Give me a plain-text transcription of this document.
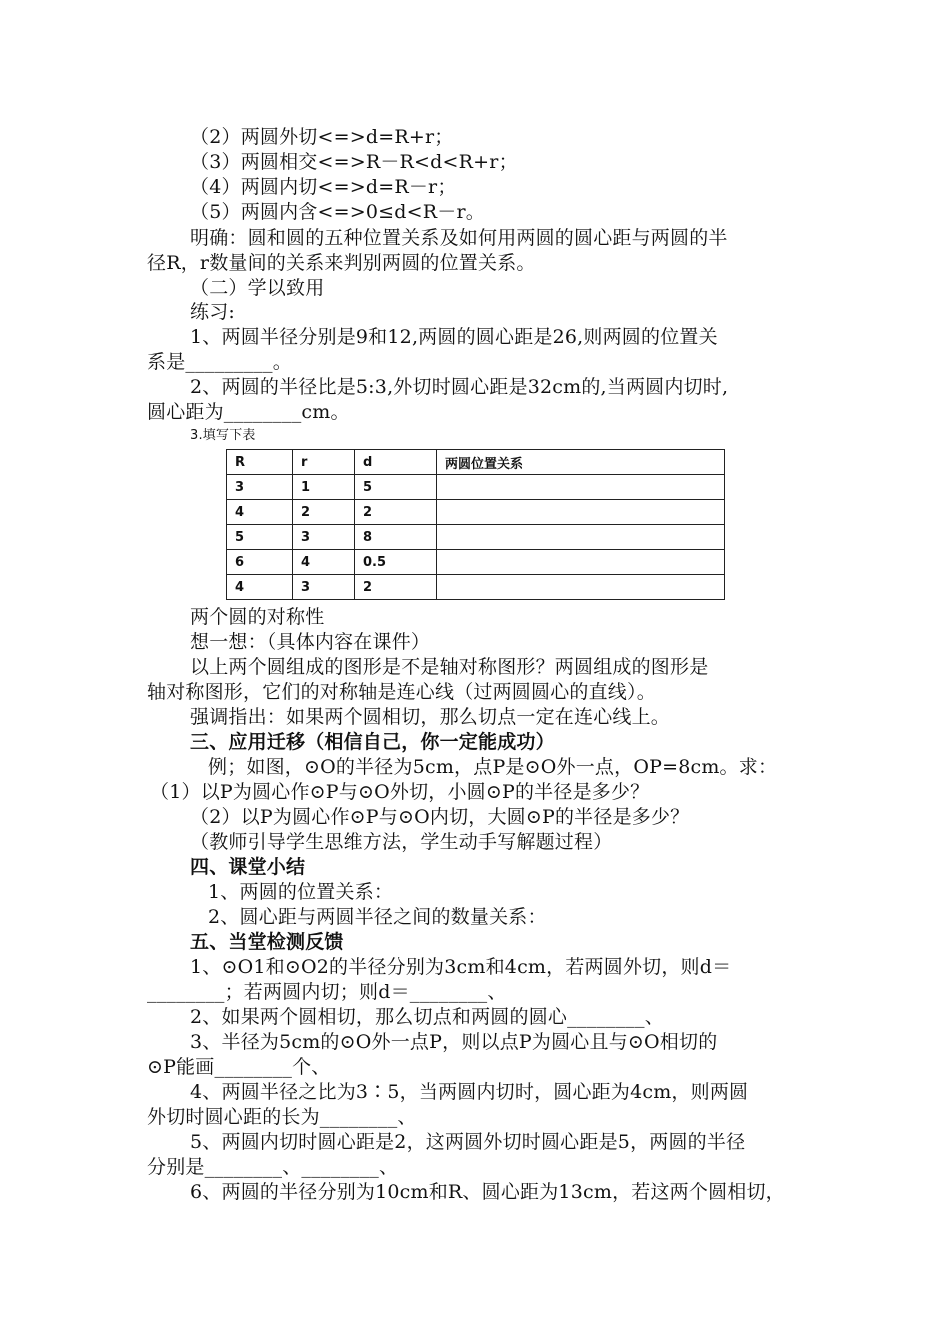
（2）两圆外切<=>d=R+r；
（3）两圆相交<=>R－R<d<R+r；
（4）两圆内切<=>d=R－r；
（5）两圆内含<=>0≤d<R－r。
明确：圆和圆的五种位置关系及如何用两圆的圆心距与两圆的半
径R，r数量间的关系来判别两圆的位置关系。
（二）学以致用
练习:
1、两圆半径分别是9和12,两圆的圆心距是26,则两圆的位置关
系是_________。
2、两圆的半径比是5:3,外切时圆心距是32cm的,当两圆内切时,
圆心距为________cm。
3.填写下表
R	r	d	两圆位置关系
3	1	5	
4	2	2	
5	3	8	
6	4	0.5	
4	3	2	
两个圆的对称性
想一想：（具体内容在课件）
以上两个圆组成的图形是不是轴对称图形？两圆组成的图形是
轴对称图形，它们的对称轴是连心线（过两圆圆心的直线）。
强调指出：如果两个圆相切，那么切点一定在连心线上。
三、应用迁移（相信自己，你一定能成功）
例；如图，⊙O的半径为5cm，点P是⊙O外一点，OP=8cm。求：
（1）以P为圆心作⊙P与⊙O外切，小圆⊙P的半径是多少？
（2）以P为圆心作⊙P与⊙O内切，大圆⊙P的半径是多少？
（教师引导学生思维方法，学生动手写解题过程）
四、课堂小结
1、两圆的位置关系：
2、圆心距与两圆半径之间的数量关系：
五、当堂检测反馈
1、⊙O1和⊙O2的半径分别为3cm和4cm，若两圆外切，则d＝
________；若两圆内切；则d＝________、
2、如果两个圆相切，那么切点和两圆的圆心________、
3、半径为5cm的⊙O外一点P，则以点P为圆心且与⊙O相切的
⊙P能画________个、
4、两圆半径之比为3∶5，当两圆内切时，圆心距为4cm，则两圆
外切时圆心距的长为________、
5、两圆内切时圆心距是2，这两圆外切时圆心距是5，两圆的半径
分别是________、________、
6、两圆的半径分别为10cm和R、圆心距为13cm，若这两个圆相切，
